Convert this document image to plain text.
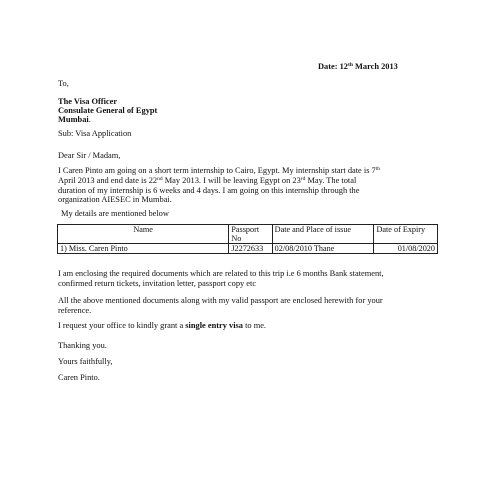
Date: 12th March 2013

To,

The Visa Officer
Consulate General of Egypt
Mumbai.

Sub: Visa Application

Dear Sir / Madam,

I Caren Pinto am going on a short term internship to Cairo, Egypt. My internship start date is 7th
April 2013 and end date is 22nd May 2013. I will be leaving Egypt on 23rd May. The total
duration of my internship is 6 weeks and 4 days. I am going on this internship through the
organization AIESEC in Mumbai.

My details are mentioned below

Name	Passport No	Date and Place of issue	Date of Expiry
1) Miss. Caren Pinto	J2272633	02/08/2010 Thane	01/08/2020

I am enclosing the required documents which are related to this trip i.e 6 months Bank statement,
confirmed return tickets, invitation letter, passport copy etc

All the above mentioned documents along with my valid passport are enclosed herewith for your
reference.

I request your office to kindly grant a single entry visa to me.

Thanking you.

Yours faithfully,

Caren Pinto.
